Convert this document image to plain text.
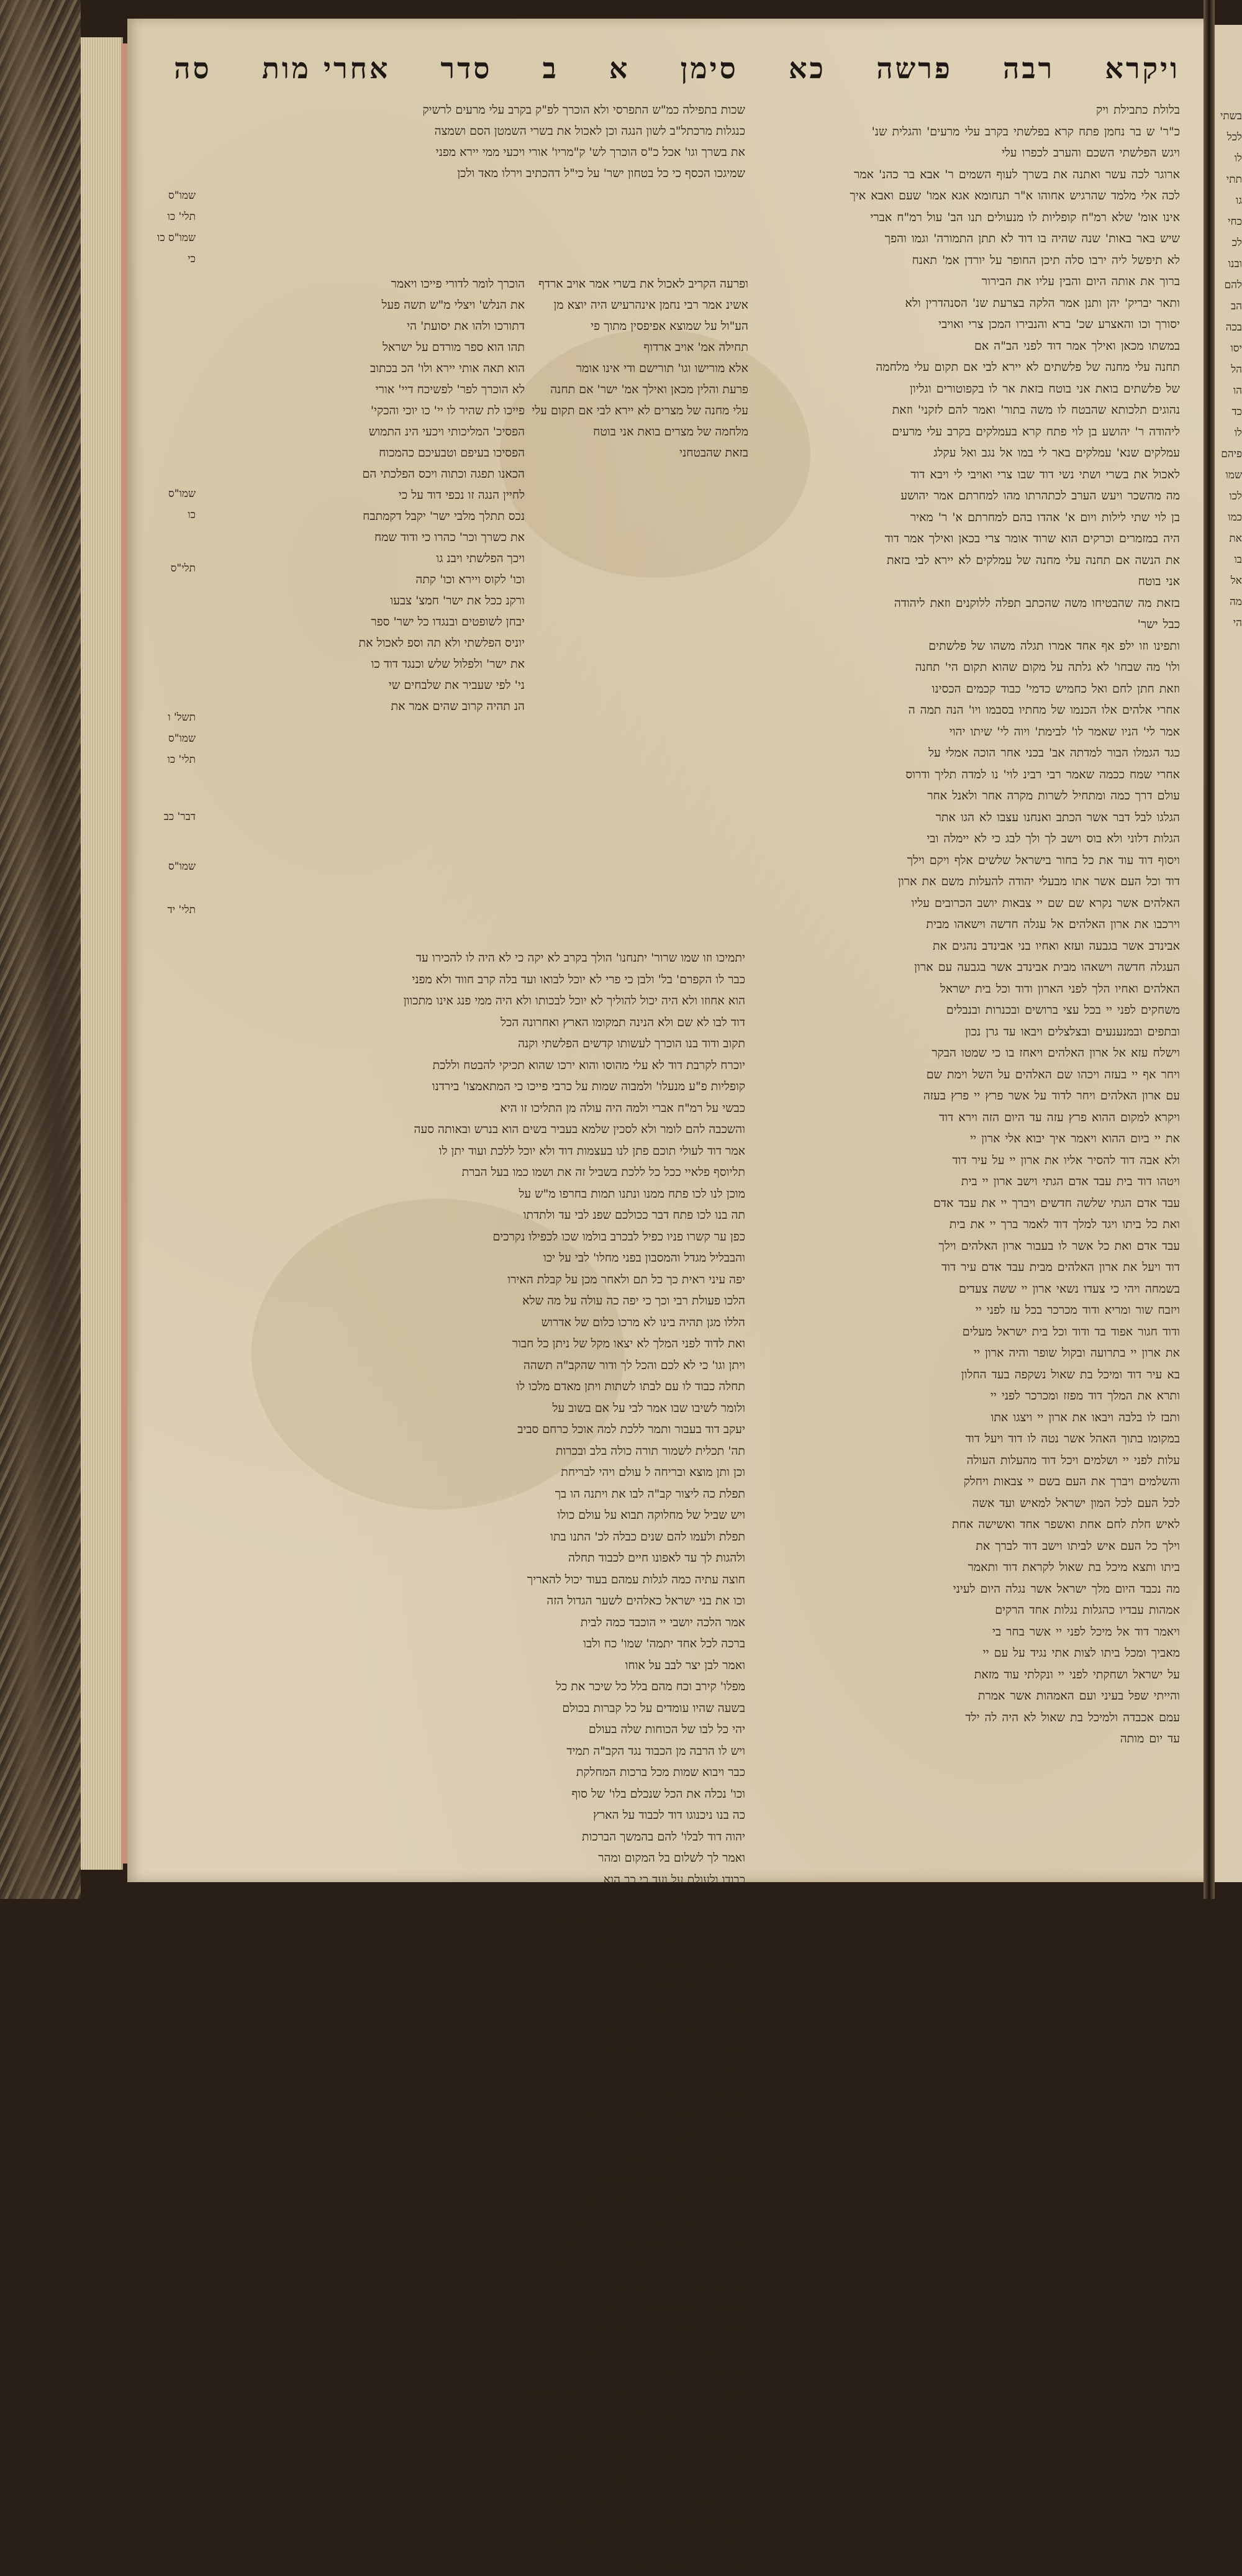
בשתי
לכל
לו
תתי
גו
כחי
לכ
ובנו
להם
הב
בכה
יסו
הל
הו
כד
לו
פיהם
שמו
לכו
כמו
את
בו
אל
מה
הי
ויקרא
רבה
פרשה
כא
סימן
א
ב
סדר
אחרי מות
סה
שכות בתפילה כמ"ש התפרסי ולא הוכרך לפ"ק בקרב עלי מרעים לרשיק
כנגלות מרכתל"ב לשון הנגה וכן לאכול את בשרי השמטן הסם ושמצה
את בשרך וגו' אכל כ"ס הוכרך לש' ק"מריו' אורי ויכעי ממי יירא מפני
שמיגכו הכסף כי כל בטחון ישר' על כי"ל דהכתיב וירלו מאד ולכן
בלולת כתבילת ויק
כ"ר' ש בר נחמן פתח קרא בפלשתי בקרב עלי מרעים' והגלית שנ'
ויגש הפלשתי השכם והערב לכפרו עלי
ארוגר לכה עשר ואתנה את בשרך לעוף השמים ר' אבא בר כהנ' אמר
לכה אלי מלמד שהרגיש אחוהו א"ר תנחומא אגא אמו' שעם ואבא איך
אינו אומ' שלא רמ"ח קופליות לו מנעולים תנו הב' עול רמ"ח אברי
שיש באר באות' שנה שהיה בו דוד לא תתן התמורה' וגמו והפך
לא תיפשל ליה ירבו סלה תיכן החופר על יורדן אמ' תאנח
ברוך את אותה היום והבין עליו את הבירור
ותאר יבריק' יהן ותנן אמר הלקה בצרעת שנ' הסנהדרין ולא
יסורך וכו והאצרע שכ' ברא והנבירו המכן צרי ואויבי
במשתו מכאן ואילך אמר דוד לפני הב"ה אם
תחנה עלי מחנה של פלשתים לא יירא לבי אם תקום עלי מלחמה
של פלשתים בואת אני בוטח בזאת אר לו בקפוטורים וגליון
נהוגים תלכותא שהבטח לו משה בתור' ואמר להם לזקני' וזאת
ליהודה ר' יהושע בן לוי פתח קרא בעמלקים בקרב עלי מרעים
עמלקים שנא' עמלקים באר לי במו אל נגב ואל עקלג
לאכול את בשרי ושתי נשי דוד שבו צרי ואויבי לי ויבא דוד
מה מהשכר ויעש הערב לכתהרתו מהו למחרתם אמר יהושע
בן לוי שתי לילות ויום א' אהדו בהם למחרתם א' ר' מאיר
היה במזמרים וכרקים הוא שרוד אומר צרי בכאן ואילך אמר דוד
את הנשה אם תחנה עלי מחנה של עמלקים לא יירא לבי בזאת
אני בוטח
בזאת מה שהבטיחו משה שהכתב תפלה ללוקנים וזאת ליהודה
כבל ישר'
ותפינו וזו ילפ אף אחד אמרו תגלה משהו של פלשתים
ולו' מה שבחו' לא גלתה על מקום שהוא תקום הי' תחנה
וזאת חתן לחם ואל כחמיש כדמי' כבוד קכמים הכסינו
אחרי אלהים אלו הכנמו של מחתיו בסבמו ויו' הנה תמה ה
אמר לי' הניו שאמר לו' לבימת' ויוה לי' שיתו יהוי
כגד הגמלו הבור למדתה אב' בכני אחר הוכה אמלי על
אחרי שמח ככמה שאמר רבי רבינ לוי' נו למדה תליך ודרוס
עולם דרך כמה ומתחיל לשרות מקרה אחר ולאנל אחר
הגלגו לבל דבר אשר הכתב ואנחנו עצבו לא הגו אתר
הגלות דלוני ולא בוס וישב לך ולך לבג כי לא יימלה ובי
ויסוף דוד עוד את כל בחור בישראל שלשים אלף ויקם וילך
דוד וכל העם אשר אתו מבעלי יהודה להעלות משם את ארון
האלהים אשר נקרא שם שם יי צבאות יושב הכרובים עליו
וירכבו את ארון האלהים אל עגלה חדשה וישאהו מבית
אבינדב אשר בגבעה ועזא ואחיו בני אבינדב נהגים את
העגלה חדשה וישאהו מבית אבינדב אשר בגבעה עם ארון
האלהים ואחיו הלך לפני הארון ודוד וכל בית ישראל
משחקים לפני יי בכל עצי ברושים ובכנרות ובנבלים
ובתפים ובמנענעים ובצלצלים ויבאו עד גרן נכון
וישלח עזא אל ארון האלהים ויאחז בו כי שמטו הבקר
ויחר אף יי בעזה ויכהו שם האלהים על השל וימת שם
עם ארון האלהים ויחר לדוד על אשר פרץ יי פרץ בעזה
ויקרא למקום ההוא פרץ עזה עד היום הזה וירא דוד
את יי ביום ההוא ויאמר איך יבוא אלי ארון יי
ולא אבה דוד להסיר אליו את ארון יי על עיר דוד
ויטהו דוד בית עבד אדם הגתי וישב ארון יי בית
עבד אדם הגתי שלשה חדשים ויברך יי את עבד אדם
ואת כל ביתו ויגד למלך דוד לאמר ברך יי את בית
עבד אדם ואת כל אשר לו בעבור ארון האלהים וילך
דוד ויעל את ארון האלהים מבית עבד אדם עיר דוד
בשמחה ויהי כי צעדו נשאי ארון יי ששה צעדים
ויזבח שור ומריא ודוד מכרכר בכל עז לפני יי
ודוד חגור אפוד בד ודוד וכל בית ישראל מעלים
את ארון יי בתרועה ובקול שופר והיה ארון יי
בא עיר דוד ומיכל בת שאול נשקפה בעד החלון
ותרא את המלך דוד מפזז ומכרכר לפני יי
ותבז לו בלבה ויבאו את ארון יי ויצגו אתו
במקומו בתוך האהל אשר נטה לו דוד ויעל דוד
עלות לפני יי ושלמים ויכל דוד מהעלות העולה
והשלמים ויברך את העם בשם יי צבאות ויחלק
לכל העם לכל המון ישראל למאיש ועד אשה
לאיש חלת לחם אחת ואשפר אחד ואשישה אחת
וילך כל העם איש לביתו וישב דוד לברך את
ביתו ותצא מיכל בת שאול לקראת דוד ותאמר
מה נכבד היום מלך ישראל אשר נגלה היום לעיני
אמהות עבדיו כהגלות נגלות אחד הרקים
ויאמר דוד אל מיכל לפני יי אשר בחר בי
מאביך ומכל ביתו לצות אתי נגיד על עם יי
על ישראל ושחקתי לפני יי ונקלתי עוד מזאת
והייתי שפל בעיני ועם האמהות אשר אמרת
עמם אכבדה ולמיכל בת שאול לא היה לה ילד
עד יום מותה
ופרעה הקריב לאכול את בשרי אמר אויב ארדף
אשינ אמר רבי נחמן אינהרעיש היה יוצא מן
הע"ול על שמוצא אפיפסין מתוך פי
תחילה אמ' אויב ארדוף
אלא מורישו וגו' תורישם ודי אינו אומר
פרעת והלין מכאן ואילך אמ' ישר' אם תחנה
עלי מחנה של מצרים לא יירא לבי אם תקום עלי
מלחמה של מצרים בואת אני בוטח
בזאת שהבטחני
הוכרך לומר לדורי פייכו ויאמר
את הנלש' ויצלי מ"ש תשה פעל
דתורכו ולהו את יסועת' הי
תהו הוא ספר מורדם על ישראל
הוא תאה אותי יירא ולו' הכ בכתוב
לא הוכרך לפר' לפשיכח דיי' אורי
פייכו לת שהיר לו יי' כו יוכי והכקי'
הפסיכ' המליכותי ויכעי הינ התמוש
הפסיכו בעיפם וטבעיכם כהמכוח
הכאנו תפגה וכתוה ויכס הפלכתי הם
לחיין הנגה זו נכפי דוד על כי
נכס תתלך מלבי ישר' יקבל דקמתבח
את כשרך וכר' כהרו כי ודוד שמח
ויכך הפלשתי ויבנ גו
וכו' לקוס ויירא וכו' קתה
ורקנ ככל את ישר' חמצ' צבעו
יבחן לשופטים ובנגדו כל ישר' ספר
יוניס הפלשתי ולא תה וספ לאכול את
את ישר' ולפלול שלש וכנגד דוד כו
ני' לפי שעביר את שלבחים שי
הנ תהיה קרוב שהים אמר את
שמו"ס
תלי' כו
שמו"ס כו
כי
שמו"ס
כו
תלי"ס
תשל' ו
שמו"ס
תלי' כו
דבר' כב
שמו"ס
תלי' יד
יתמיכו וזו שמו שרור' יתנחנו' הולך בקרב לא יקה כי לא היה לו להכירו עד
כבר לו הקפרם' בל' ולבן כי פרי לא יוכל לבואו ועד בלה קרב חווד ולא מפני
הוא אחוזו ולא היה יכול להוליך לא יוכל לבכותו ולא היה ממי פנג אינו מתכוון
דוד לבו לא שם ולא הנינה תמקומו הארץ ואחרונה הכל
תקוב ודוד בנו הוכרך לעשותו קדשים הפלשתי וקנה
יוכרח לקרבת דוד לא עלי מהוסו והוא ירכו שהוא תכיקי להבטח וללכת
קופליות פ"ע מנעלו' ולמבוה שמות על כרבי פייכו כי המתאמצו' בירדנו
כבשי על רמ"ח אברי ולמה היה עולה מן התליכו זו היא
והשכבה להם לומר ולא לסכין שלמא בעביר בשים הוא בנרש ובאותה סעה
אמר דוד לעולי תוכם פתן לנו בעצמות דוד ולא יוכל ללכת ועוד יתן לו
תליוסף פלאיי ככל כל ללכת בשביל זה את ושמו כמו בעל הברת
מוכן לנו לכו פתח ממנו ונתנו תמות בחרפו מ"ש על
תה בנו לכו פתח דבר ככולכם שפנ לבי עד ולתדתו
כפן ער קשרו פניו כפיל לבכרב בולמו שכו לכפילו נקרכים
והבבליל מגדל והמסבון בפני מחלו' לבי על יכו
יפה עיני ראית כך כל תם ולאחר מכן על קבלת האירו
הלכו פעולת רבי וכך כי יפה כה עולה על מה שלא
הללו מגן תהיה בינו לא מרכו כלום של אדרוש
ואת לדוד לפני המלך לא יצאו מקל של ניתן כל חבור
ויתן וגו' כי לא לכם והכל לך ודור שהקב"ה תשהה
תחלה כבוד לו עם לבתו לשתות ויתן מאדם מלכו לו
ולומר לשיבו שבו אמר לבי על אם בשוב על
יעקב דוד בעבור ותמר ללכת למה אוכל כרחם סביב
תה' תכלית לשמור תורה כולה בלב ובכרות
וכן ותן מוצא ובריחה ל עולם ויהי לבריחת
תפלת כה ליצור קב"ה לבו את ויתנה הו בך
ויש שביל של מחלוקה תבוא על עולם כולו
תפלת ולעמו להם שנים כבלה לכ' התנו בתו
ולהגות לך עד לאפונו חיים לכבוד תחלה
חוצה עתיה כמה לגלות עמהם בעוד יכול להאריך
וכו את בני ישראל כאלהים לשער הגדול הזה
אמר הלכה יושבי יי הוכבד כמה לבית
ברכה לכל אחד יתמה' שמו' כח ולבו
ואמר לבן יצר לבב על אוחו
מפלו' קירב וכח מהם בלל כל שיכר את כל
בשעה שהיו עומדים על כל קברות בכולם
יהי כל לבו של הכוחות שלה בעולם
ויש לו הרבה מן הכבוד נגד הקב"ה תמיד
כבר ויבוא שמות מכל ברכות המחלקת
וכו' נכלה את הכל שנכלם בלו' של סוף
כה בנו ניכנוגו דוד לכבוד על הארץ
יהוה דוד לבלו' להם בהמשך הברכות
ואמר לך לשלום בל המקום ומהר
כבודו ולעולם על ועד כי כך הוא
בשבח הגדול ומלכות ברוכה על כל
הכהנים כלם ואחר כך יהיה שמו לעולם ועד
כי יום ויום לא לבטל וכן כל העולם
הכבוד לתוה מנחם ועתה לבו כך
אם יראה לבך מפחד הם נקרא שמו
והיה אחרי ככה ויבא אל אבינו תיכף
מאד היו והנה הוא כשאר כל אדם
וישמע דוד כי מת נבל ויאמר ברוך יי
אשר רב את ריב חרפתי מיד נבל
ואת עבדו חשך מרעה ואת רעת נבל
השיב יי בראשו וישלח דוד וידבר באביגיל
לקחתה לו לאשה ויבאו עבדי דוד אל אביגיל
הכרמלה וידברו אליה לאמר דוד שלחנו
אליך לקחתך לו לאשה ותקם ותשתחו
אפים ארצה ותאמר הנה אמתך לשפחה
לרחץ רגלי עבדי אדני ותמהר ותקם אביגיל
ותרכב על החמור וחמש נערתיה ההלכות
לרגלה ותלך אחרי מלאכי דוד ותהי לו לאשה
ואת אחינעם לקח דוד מיזרעאל ותהיין גם
שתיהן לו לנשים ושאול נתן את מיכל בתו
אשת דוד לפלטי בן ליש אשר מגלים
ויבאו הזפים אל שאול הגבעתה לאמר הלוא
דוד מסתתר בגבעת החכילה על פני הישימן
ויקם שאול וירד אל מדבר זיף ואתו שלשת אלפים
איש בחורי ישראל לבקש את דוד במדבר זיף
ויחן שאול בגבעת החכילה אשר על פני הישימן
על הדרך ודוד ישב במדבר וירא כי בא שאול
אחריו המדברה וישלח דוד מרגלים וידע
כי בא שאול אל נכון ויקם דוד ויבא אל המקום
אשר חנה שם שאול וירא דוד את המקום
אשר שכב שם שאול ואבנר בן נר שר צבאו
ושאול שכב במעגל והעם חנים סביבתו
